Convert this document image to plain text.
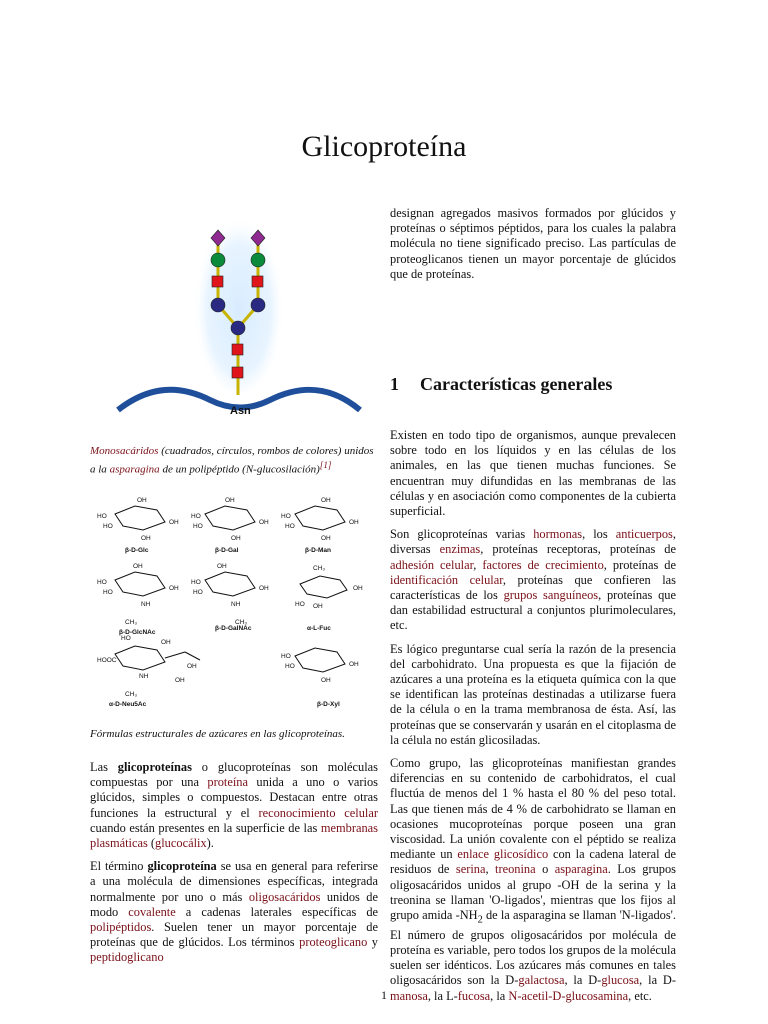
Glicoproteína
Asn
Monosacáridos (cuadrados, círculos, rombos de colores) unidos a la asparagina de un polipéptido (N-glucosilación)[1]
OH
HO
HO
OH
OH
OH
HO
HO
OH
OH
OH
HO
HO
OH
OH
OH
HO
HO
OH
NH
CH₃
OH
HO
HO
OH
NH
CH₃
CH₃
OH
OH
HO
HO
HOOC
NH
OH
OH
OH
CH₃
HO
HO	OH
OH
β-D-Glc	β-D-Gal	β-D-Man
β-D-GlcNAc
β-D-GalNAc	α-L-Fuc
α-D-Neu5Ac	β-D-Xyl
Fórmulas estructurales de azúcares en las glicoproteínas.

Las glicoproteínas o glucoproteínas son moléculas compuestas por una proteína unida a uno o varios glúcidos, simples o compuestos. Destacan entre otras funciones la estructural y el reconocimiento celular cuando están presentes en la superficie de las membranas plasmáticas (glucocálix).

El término glicoproteína se usa en general para referirse a una molécula de dimensiones específicas, integrada normalmente por uno o más oligosacáridos unidos de modo covalente a cadenas laterales específicas de polipéptidos. Suelen tener un mayor porcentaje de proteínas que de glúcidos. Los términos proteoglicano y peptidoglicano

designan agregados masivos formados por glúcidos y proteínas o séptimos péptidos, para los cuales la palabra molécula no tiene significado preciso. Las partículas de proteoglicanos tienen un mayor porcentaje de glúcidos que de proteínas.

1 Características generales

Existen en todo tipo de organismos, aunque prevalecen sobre todo en los líquidos y en las células de los animales, en las que tienen muchas funciones. Se encuentran muy difundidas en las membranas de las células y en asociación como componentes de la cubierta superficial.

Son glicoproteínas varias hormonas, los anticuerpos, diversas enzimas, proteínas receptoras, proteínas de adhesión celular, factores de crecimiento, proteínas de identificación celular, proteínas que confieren las características de los grupos sanguíneos, proteínas que dan estabilidad estructural a conjuntos plurimoleculares, etc.

Es lógico preguntarse cual sería la razón de la presencia del carbohidrato. Una propuesta es que la fijación de azúcares a una proteína es la etiqueta química con la que se identifican las proteínas destinadas a utilizarse fuera de la célula o en la trama membranosa de ésta. Así, las proteínas que se conservarán y usarán en el citoplasma de la célula no están glicosiladas.

Como grupo, las glicoproteínas manifiestan grandes diferencias en su contenido de carbohidratos, el cual fluctúa de menos del 1 % hasta el 80 % del peso total. Las que tienen más de 4 % de carbohidrato se llaman en ocasiones mucoproteínas porque poseen una gran viscosidad. La unión covalente con el péptido se realiza mediante un enlace glicosídico con la cadena lateral de residuos de serina, treonina o asparagina. Los grupos oligosacáridos unidos al grupo -OH de la serina y la treonina se llaman 'O-ligados', mientras que los fijos al grupo amida $-NH_2$ de la asparagina se llaman 'N-ligados'. El número de grupos oligosacáridos por molécula de proteína es variable, pero todos los grupos de la molécula suelen ser idénticos. Los azúcares más comunes en tales oligosacáridos son la D-galactosa, la D-glucosa, la D-manosa, la L-fucosa, la N-acetil-D-glucosamina, etc.

1
